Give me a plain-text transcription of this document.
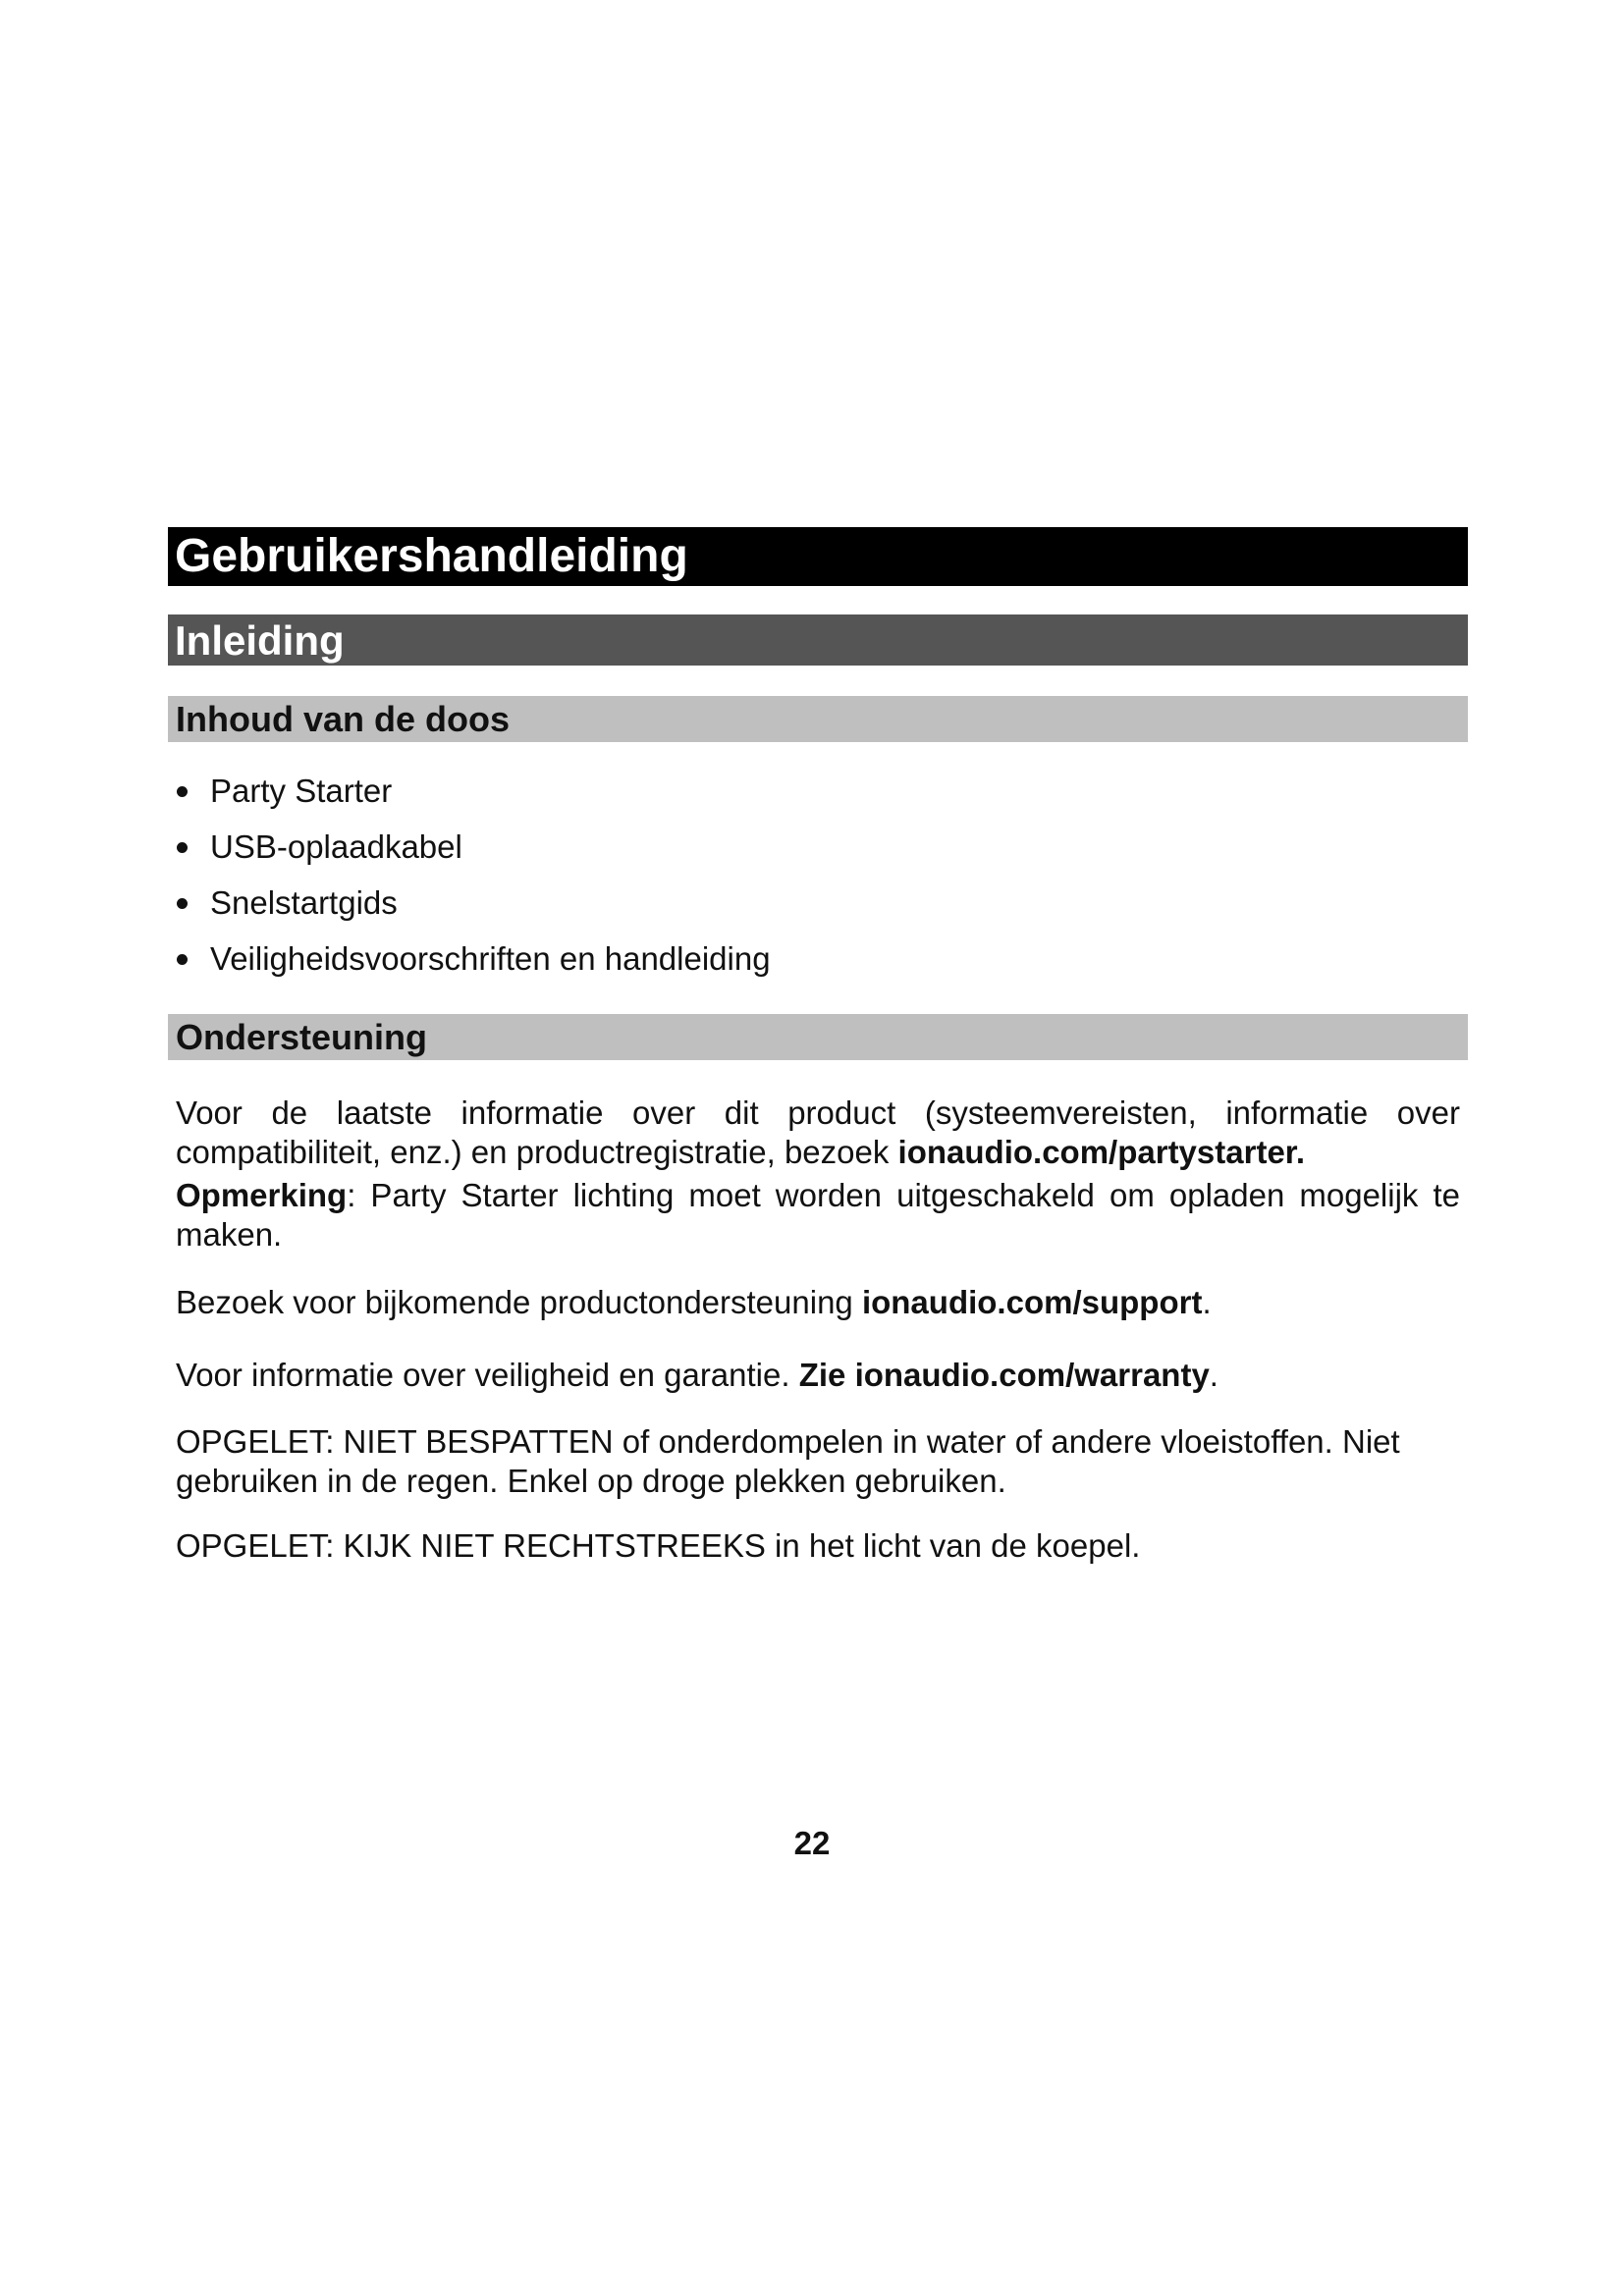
Gebruikershandleiding
Inleiding
Inhoud van de doos
Party Starter
USB-oplaadkabel
Snelstartgids
Veiligheidsvoorschriften en handleiding
Ondersteuning

Voor de laatste informatie over dit product (systeemvereisten, informatie over compatibiliteit, enz.) en productregistratie, bezoek ionaudio.com/partystarter.

Opmerking: Party Starter lichting moet worden uitgeschakeld om opladen mogelijk te maken.

Bezoek voor bijkomende productondersteuning ionaudio.com/support.

Voor informatie over veiligheid en garantie. Zie ionaudio.com/warranty.

OPGELET: NIET BESPATTEN of onderdompelen in water of andere vloeistoffen. Niet gebruiken in de regen. Enkel op droge plekken gebruiken.

OPGELET: KIJK NIET RECHTSTREEKS in het licht van de koepel.

22
